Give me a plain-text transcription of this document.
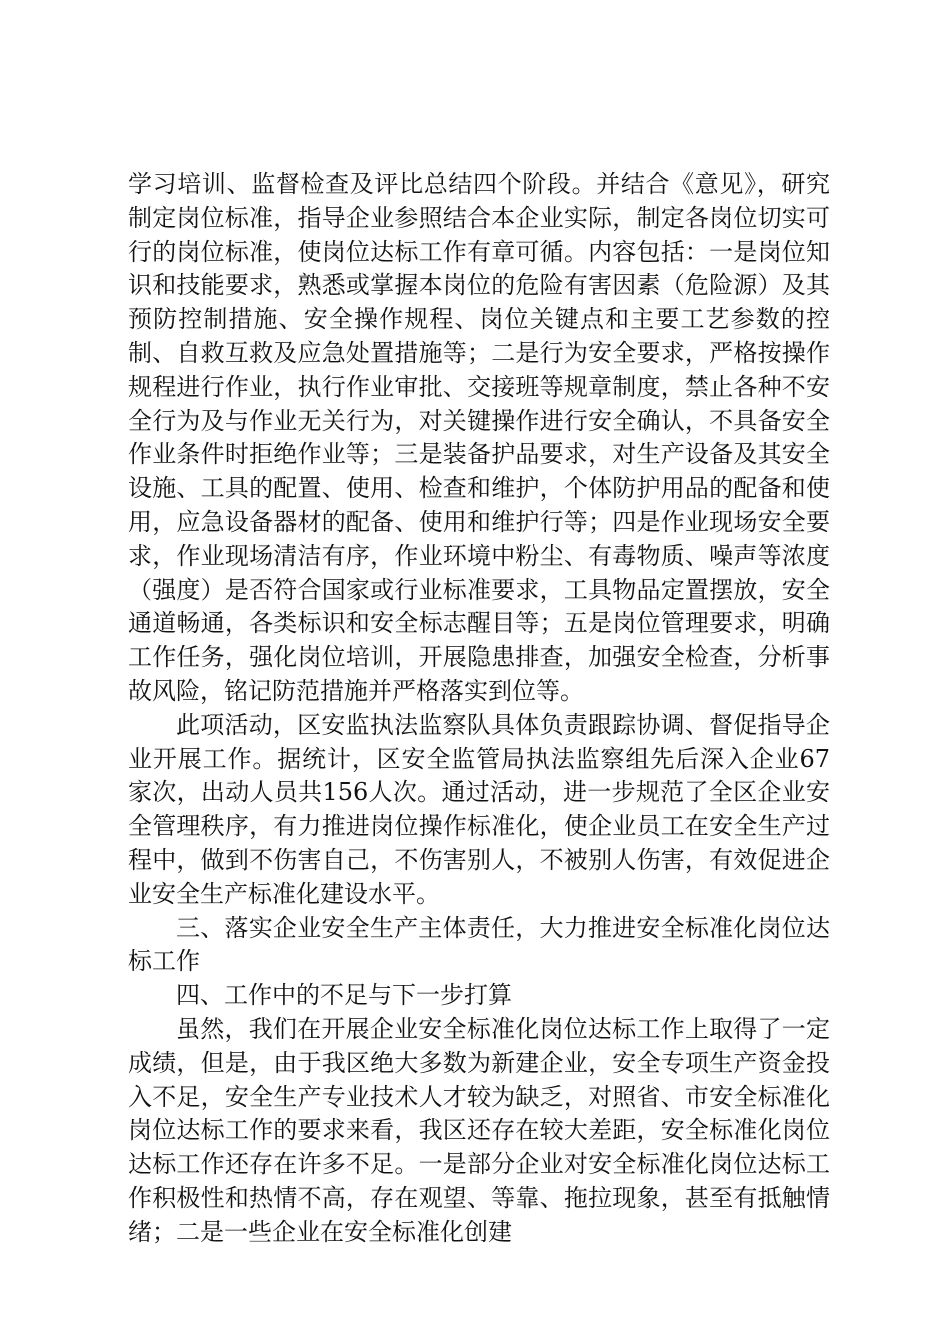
学习培训、监督检查及评比总结四个阶段。并结合《意见》，研究制定岗位标准，指导企业参照结合本企业实际，制定各岗位切实可行的岗位标准，使岗位达标工作有章可循。内容包括：一是岗位知识和技能要求，熟悉或掌握本岗位的危险有害因素（危险源）及其预防控制措施、安全操作规程、岗位关键点和主要工艺参数的控制、自救互救及应急处置措施等；二是行为安全要求，严格按操作规程进行作业，执行作业审批、交接班等规章制度，禁止各种不安全行为及与作业无关行为，对关键操作进行安全确认，不具备安全作业条件时拒绝作业等；三是装备护品要求，对生产设备及其安全设施、工具的配置、使用、检查和维护，个体防护用品的配备和使用，应急设备器材的配备、使用和维护行等；四是作业现场安全要求，作业现场清洁有序，作业环境中粉尘、有毒物质、噪声等浓度（强度）是否符合国家或行业标准要求，工具物品定置摆放，安全通道畅通，各类标识和安全标志醒目等；五是岗位管理要求，明确工作任务，强化岗位培训，开展隐患排查，加强安全检查，分析事故风险，铭记防范措施并严格落实到位等。

此项活动，区安监执法监察队具体负责跟踪协调、督促指导企业开展工作。据统计，区安全监管局执法监察组先后深入企业67家次，出动人员共156人次。通过活动，进一步规范了全区企业安全管理秩序，有力推进岗位操作标准化，使企业员工在安全生产过程中，做到不伤害自己，不伤害别人，不被别人伤害，有效促进企业安全生产标准化建设水平。

三、落实企业安全生产主体责任，大力推进安全标准化岗位达标工作

四、工作中的不足与下一步打算

虽然，我们在开展企业安全标准化岗位达标工作上取得了一定成绩，但是，由于我区绝大多数为新建企业，安全专项生产资金投入不足，安全生产专业技术人才较为缺乏，对照省、市安全标准化岗位达标工作的要求来看，我区还存在较大差距，安全标准化岗位达标工作还存在许多不足。一是部分企业对安全标准化岗位达标工作积极性和热情不高，存在观望、等靠、拖拉现象，甚至有抵触情绪；二是一些企业在安全标准化创建
